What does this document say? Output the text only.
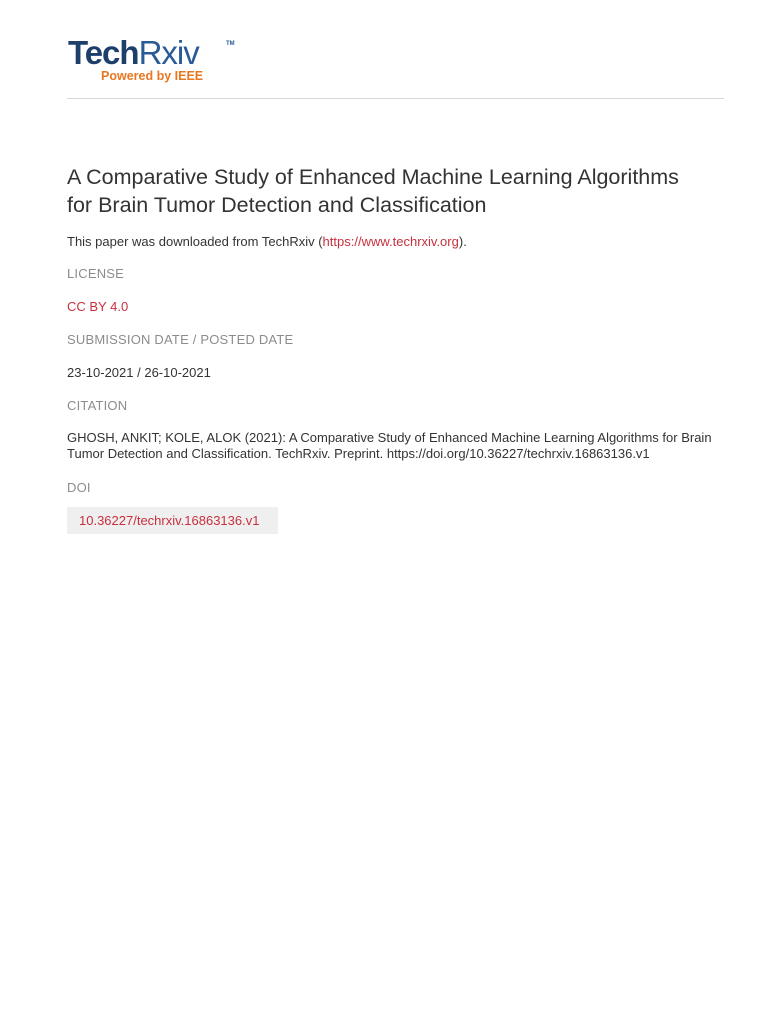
TechRxiv	TM
Powered by IEEE
A Comparative Study of Enhanced Machine Learning Algorithms for Brain Tumor Detection and Classification
This paper was downloaded from TechRxiv (https://www.techrxiv.org).
LICENSE
CC BY 4.0
SUBMISSION DATE / POSTED DATE
23-10-2021 / 26-10-2021
CITATION
GHOSH, ANKIT; KOLE, ALOK (2021): A Comparative Study of Enhanced Machine Learning Algorithms for Brain Tumor Detection and Classification. TechRxiv. Preprint. https://doi.org/10.36227/techrxiv.16863136.v1
DOI
10.36227/techrxiv.16863136.v1
